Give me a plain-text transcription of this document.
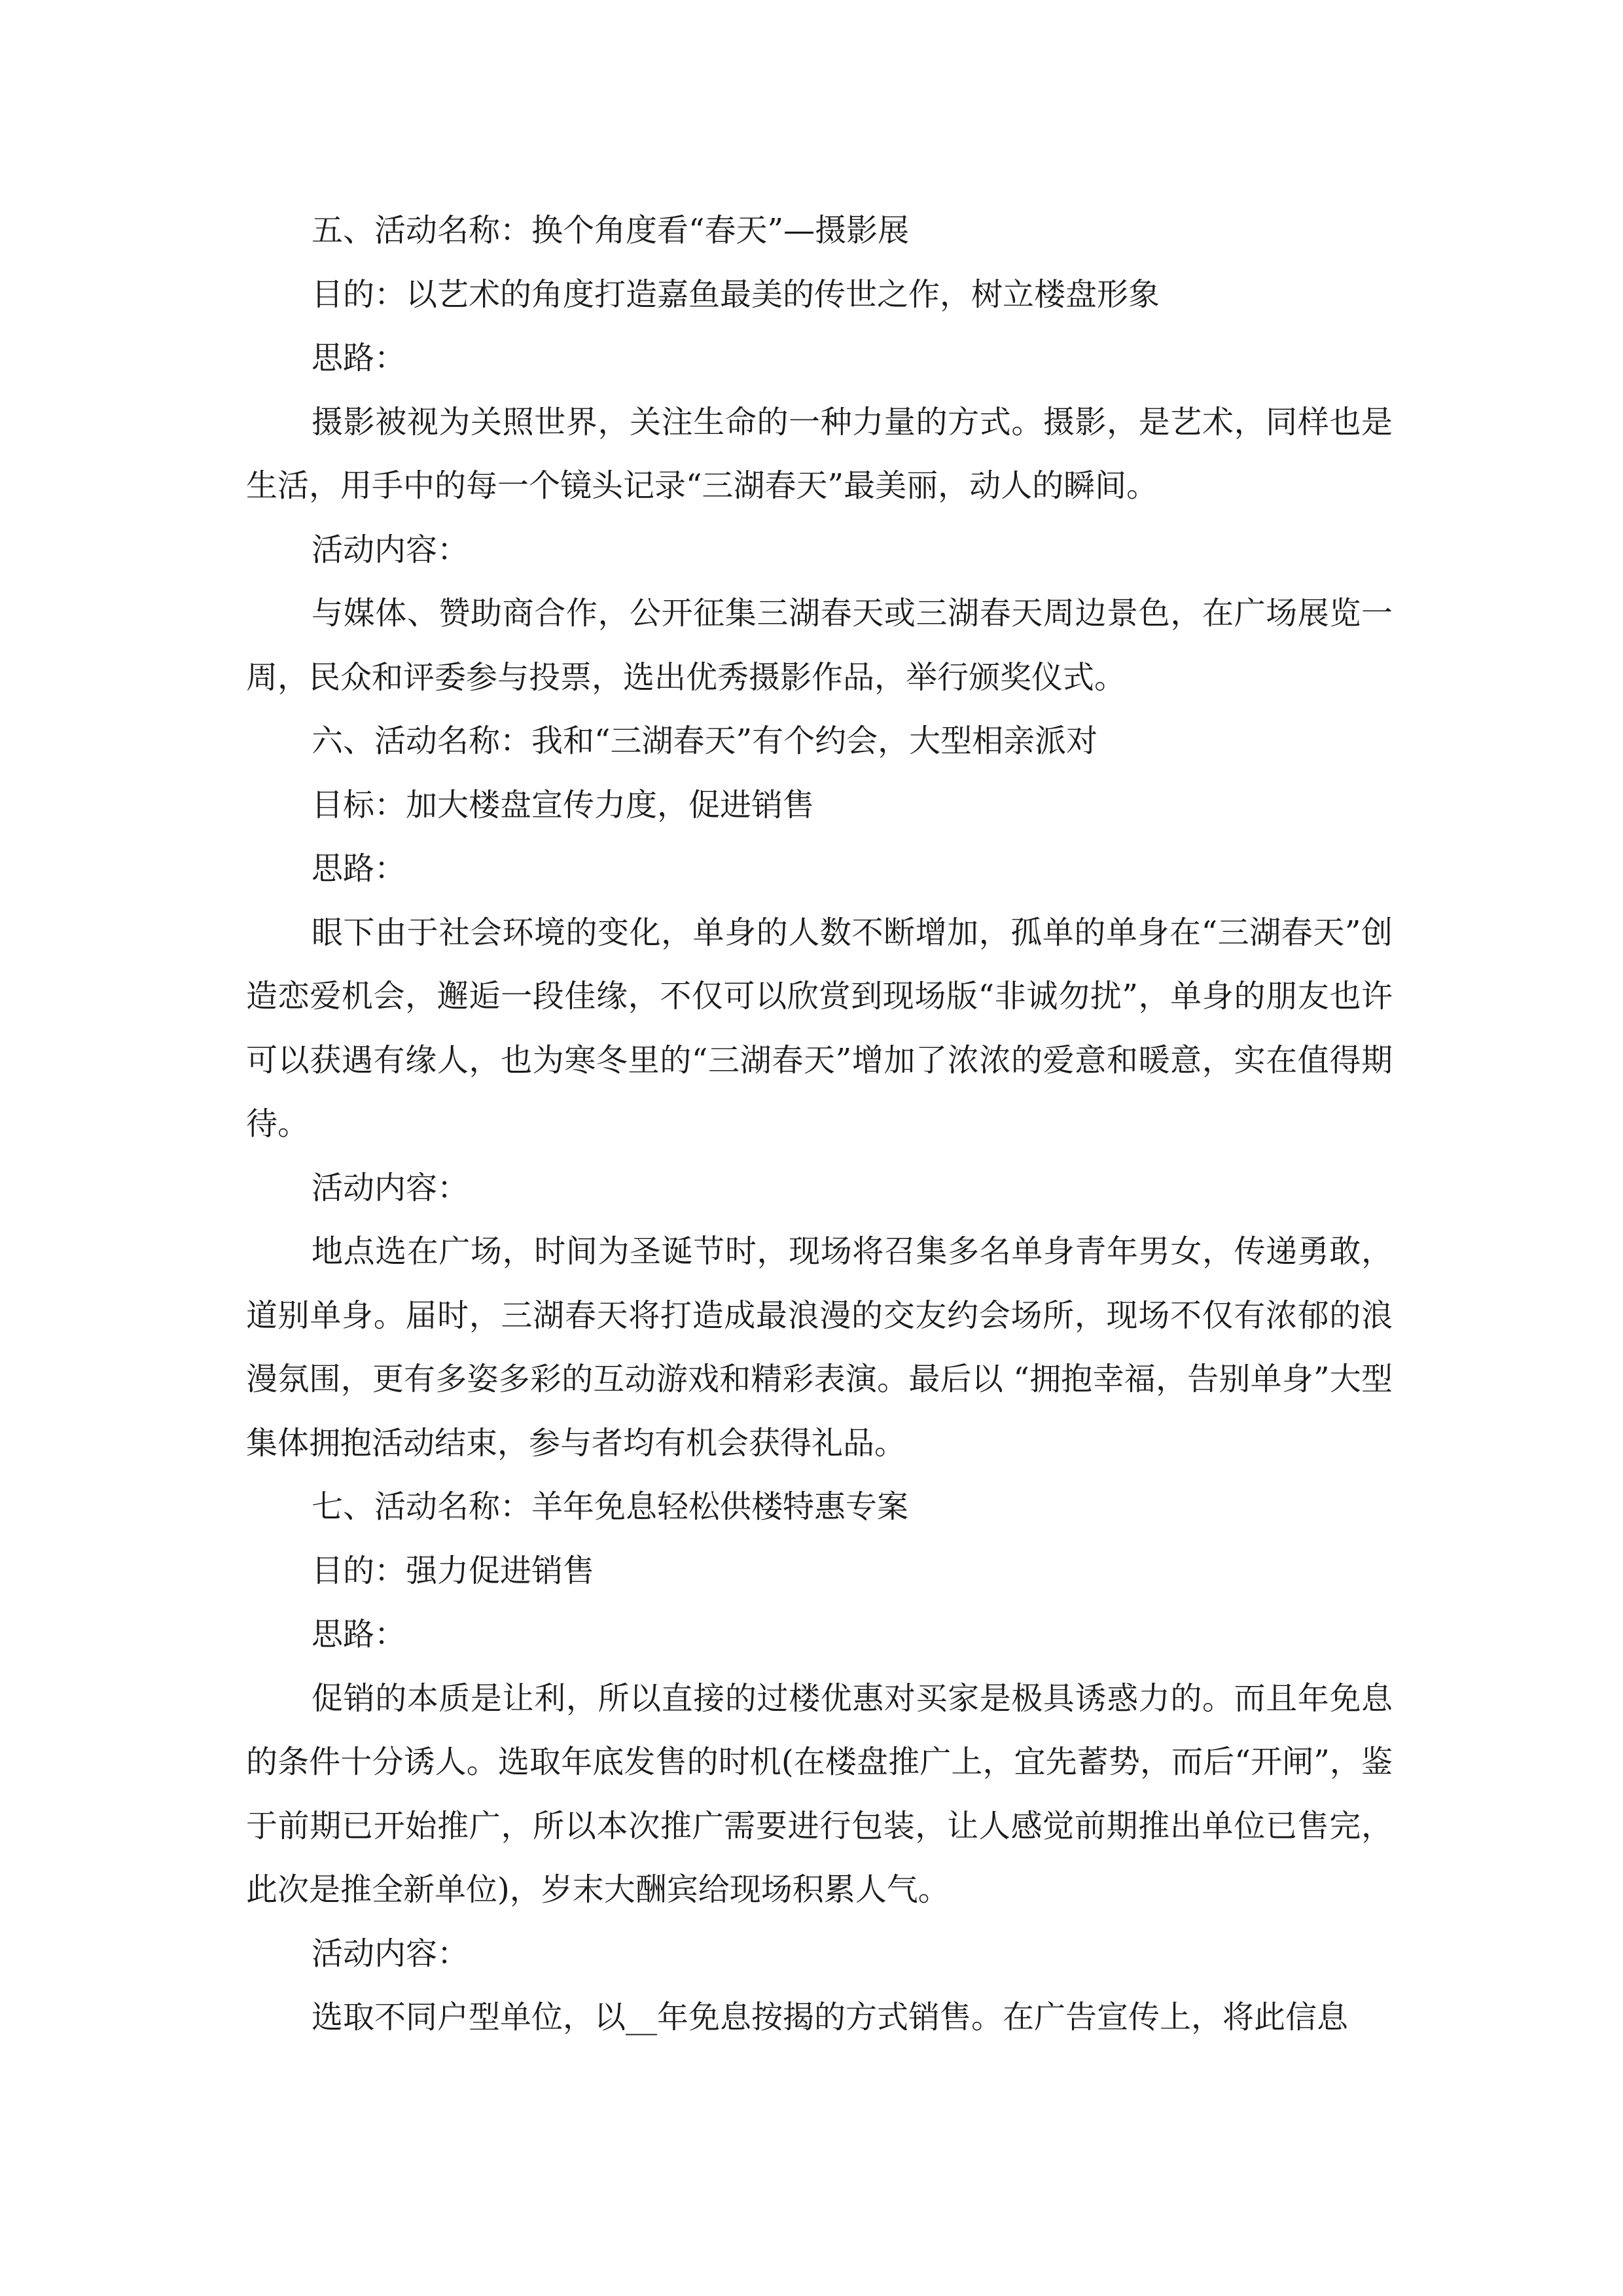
五、活动名称：换个角度看“春天”—摄影展

目的：以艺术的角度打造嘉鱼最美的传世之作，树立楼盘形象

思路：

摄影被视为关照世界，关注生命的一种力量的方式。摄影，是艺术，同样也是生活，用手中的每一个镜头记录“三湖春天”最美丽，动人的瞬间。

活动内容：

与媒体、赞助商合作，公开征集三湖春天或三湖春天周边景色，在广场展览一周，民众和评委参与投票，选出优秀摄影作品，举行颁奖仪式。

六、活动名称：我和“三湖春天”有个约会，大型相亲派对

目标：加大楼盘宣传力度，促进销售

思路：

眼下由于社会环境的变化，单身的人数不断增加，孤单的单身在“三湖春天”创造恋爱机会，邂逅一段佳缘，不仅可以欣赏到现场版“非诚勿扰”，单身的朋友也许可以获遇有缘人，也为寒冬里的“三湖春天”增加了浓浓的爱意和暖意，实在值得期待。

活动内容：

地点选在广场，时间为圣诞节时，现场将召集多名单身青年男女，传递勇敢，道别单身。届时，三湖春天将打造成最浪漫的交友约会场所，现场不仅有浓郁的浪漫氛围，更有多姿多彩的互动游戏和精彩表演。最后以 “拥抱幸福，告别单身”大型集体拥抱活动结束，参与者均有机会获得礼品。

七、活动名称：羊年免息轻松供楼特惠专案

目的：强力促进销售

思路：

促销的本质是让利，所以直接的过楼优惠对买家是极具诱惑力的。而且年免息的条件十分诱人。选取年底发售的时机(在楼盘推广上，宜先蓄势，而后“开闸”，鉴于前期已开始推广，所以本次推广需要进行包装，让人感觉前期推出单位已售完，此次是推全新单位)，岁末大酬宾给现场积累人气。

活动内容：

选取不同户型单位，以__年免息按揭的方式销售。在广告宣传上，将此信息
